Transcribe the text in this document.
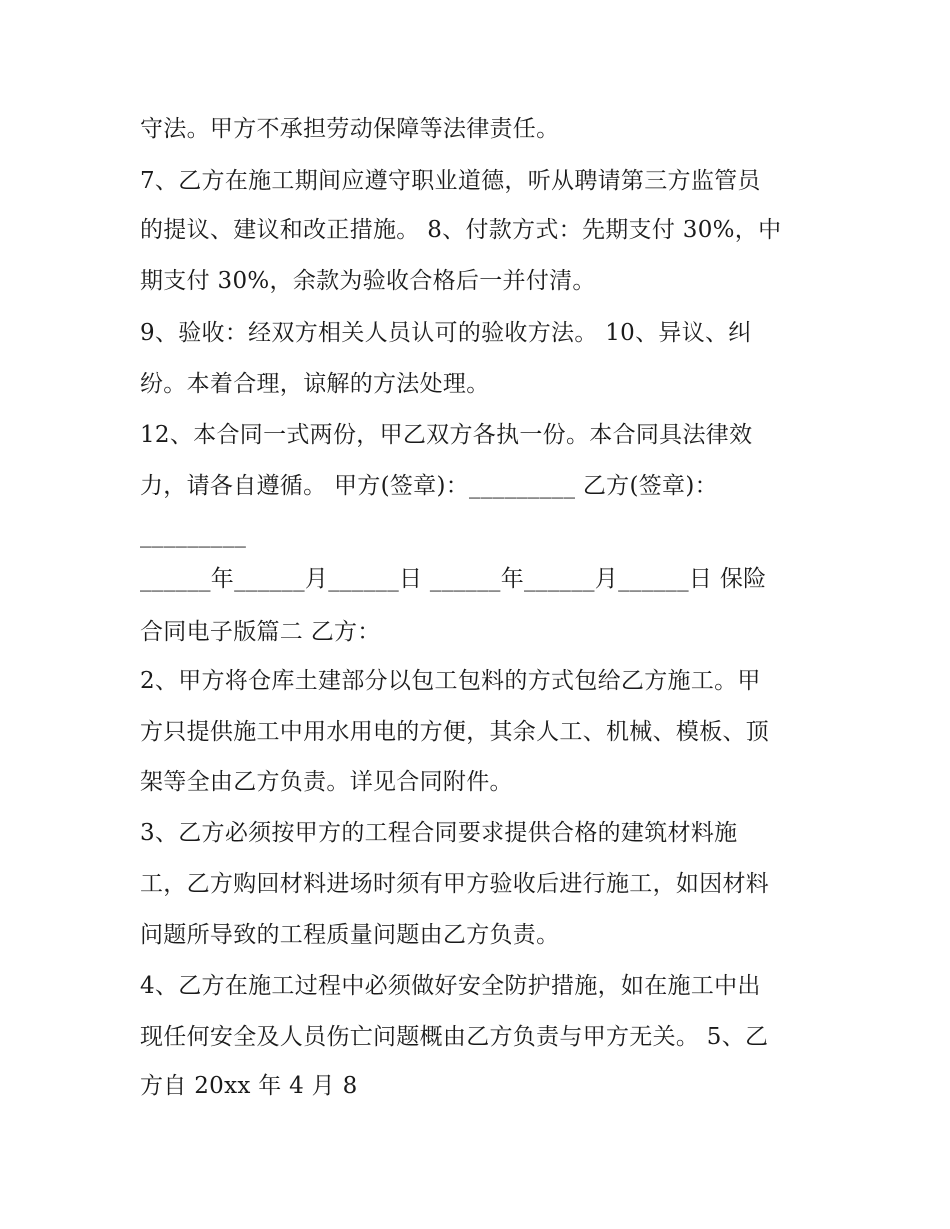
守法。甲方不承担劳动保障等法律责任。
7、乙方在施工期间应遵守职业道德，听从聘请第三方监管员
的提议、建议和改正措施。 8、付款方式：先期支付 30%，中
期支付 30%，余款为验收合格后一并付清。
9、验收：经双方相关人员认可的验收方法。 10、异议、纠
纷。本着合理，谅解的方法处理。
12、本合同一式两份，甲乙双方各执一份。本合同具法律效
力，请各自遵循。 甲方(签章)：_________ 乙方(签章)：
_________
______年______月______日 ______年______月______日 保险
合同电子版篇二 乙方：
2、甲方将仓库土建部分以包工包料的方式包给乙方施工。甲
方只提供施工中用水用电的方便，其余人工、机械、模板、顶
架等全由乙方负责。详见合同附件。
3、乙方必须按甲方的工程合同要求提供合格的建筑材料施
工，乙方购回材料进场时须有甲方验收后进行施工，如因材料
问题所导致的工程质量问题由乙方负责。
4、乙方在施工过程中必须做好安全防护措施，如在施工中出
现任何安全及人员伤亡问题概由乙方负责与甲方无关。 5、乙
方自 20xx 年 4 月 8
